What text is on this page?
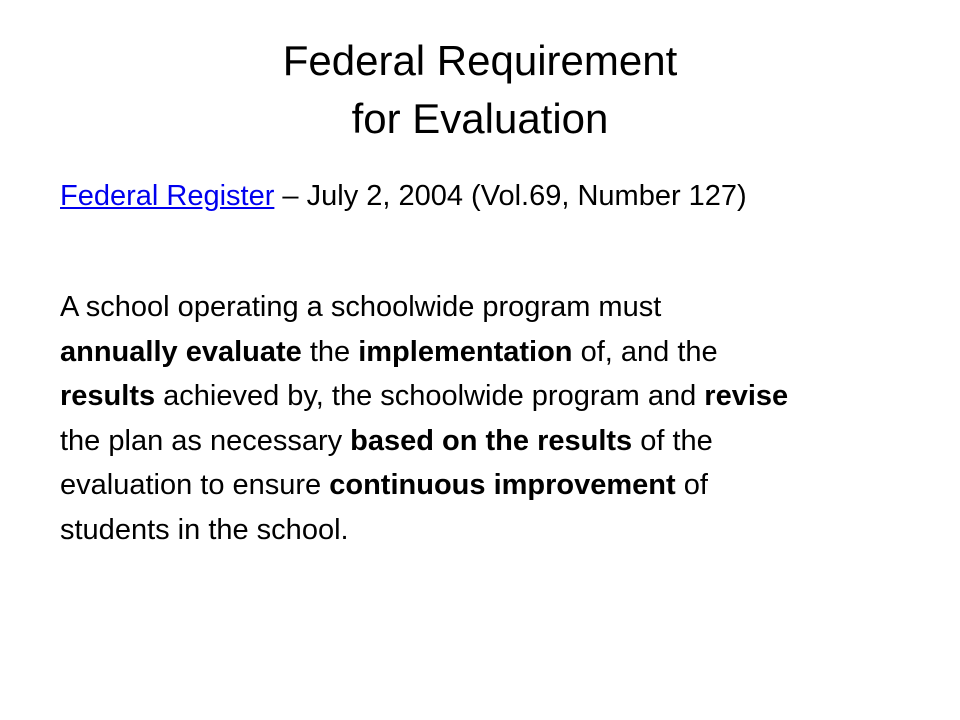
Federal Requirement
for Evaluation
Federal Register – July 2, 2004 (Vol.69, Number 127)
A school operating a schoolwide program must
annually evaluate the implementation of, and the
results achieved by, the schoolwide program and revise
the plan as necessary based on the results of the
evaluation to ensure continuous improvement of
students in the school.
